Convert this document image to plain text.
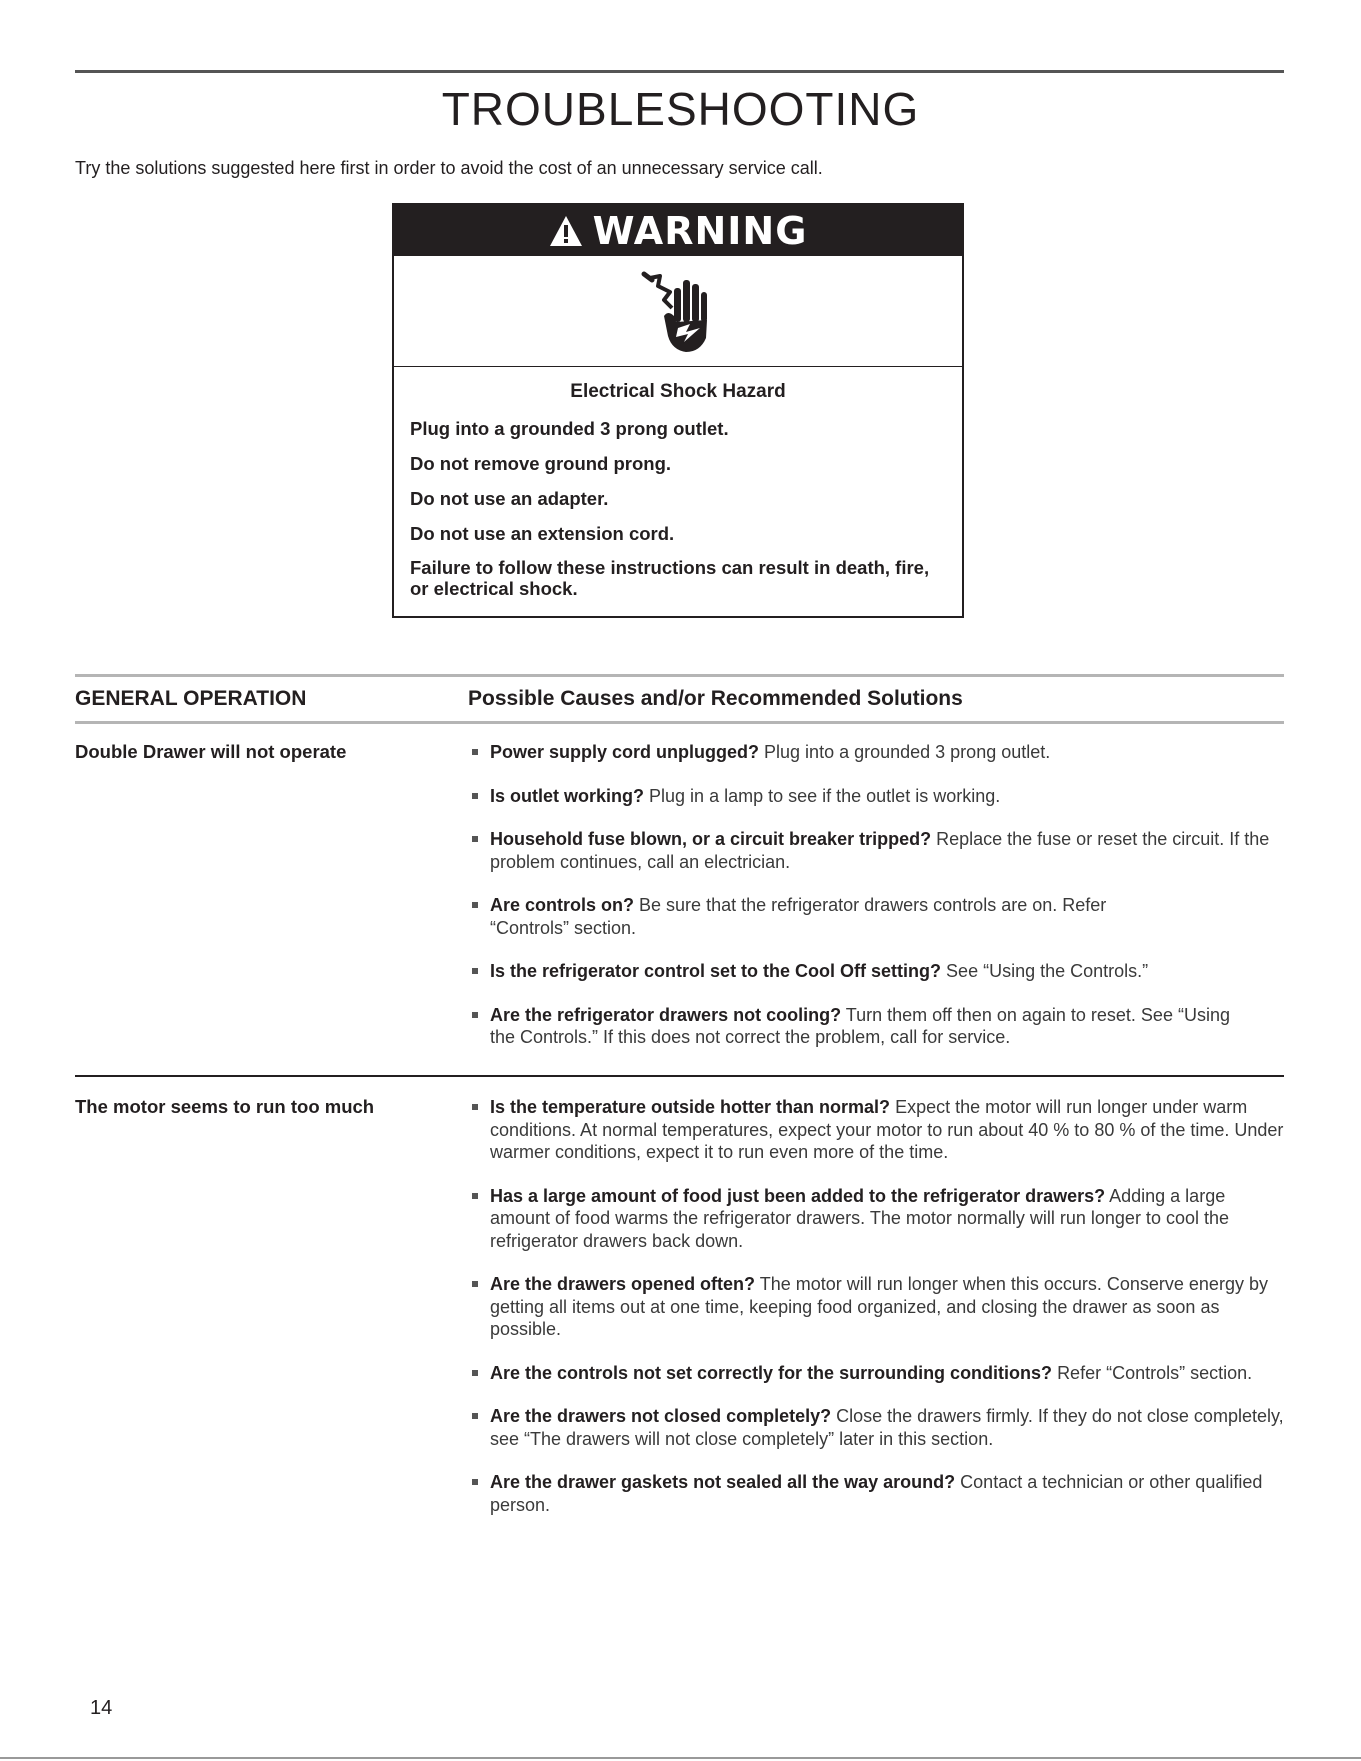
TROUBLESHOOTING

Try the solutions suggested here first in order to avoid the cost of an unnecessary service call.

WARNING

Electrical Shock Hazard

Plug into a grounded 3 prong outlet.

Do not remove ground prong.

Do not use an adapter.

Do not use an extension cord.

Failure to follow these instructions can result in death, fire, or electrical shock.

GENERAL OPERATION	Possible Causes and/or Recommended Solutions

Double Drawer will not operate	Power supply cord unplugged? Plug into a grounded 3 prong outlet.
Is outlet working? Plug in a lamp to see if the outlet is working.
Household fuse blown, or a circuit breaker tripped? Replace the fuse or reset the circuit. If the problem continues, call an electrician.
Are controls on? Be sure that the refrigerator drawers controls are on. Refer “Controls” section.
Is the refrigerator control set to the Cool Off setting? See “Using the Controls.”
Are the refrigerator drawers not cooling? Turn them off then on again to reset. See “Using the Controls.” If this does not correct the problem, call for service.

The motor seems to run too much	Is the temperature outside hotter than normal? Expect the motor will run longer under warm conditions. At normal temperatures, expect your motor to run about 40 % to 80 % of the time. Under warmer conditions, expect it to run even more of the time.
Has a large amount of food just been added to the refrigerator drawers? Adding a large amount of food warms the refrigerator drawers. The motor normally will run longer to cool the refrigerator drawers back down.
Are the drawers opened often? The motor will run longer when this occurs. Conserve energy by getting all items out at one time, keeping food organized, and closing the drawer as soon as possible.
Are the controls not set correctly for the surrounding conditions? Refer “Controls” section.
Are the drawers not closed completely? Close the drawers firmly. If they do not close completely, see “The drawers will not close completely” later in this section.
Are the drawer gaskets not sealed all the way around? Contact a technician or other qualified person.

14
